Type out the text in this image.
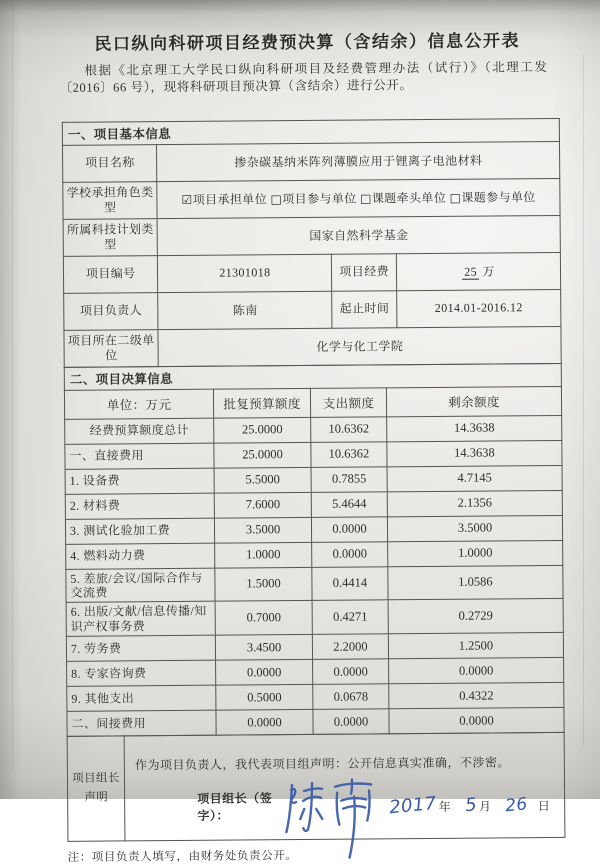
民口纵向科研项目经费预决算（含结余）信息公开表

根据《北京理工大学民口纵向科研项目及经费管理办法（试行）》（北理工发〔2016〕66 号），现将科研项目预决算（含结余）进行公开。

一、项目基本信息			
项目名称	掺杂碳基纳米阵列薄膜应用于锂离子电池材料		
学校承担角色类型	☑项目承担单位 □项目参与单位 □课题牵头单位 □课题参与单位		
所属科技计划类型	国家自然科学基金		
项目编号	21301018	项目经费	25 万
项目负责人	陈南	起止时间	2014.01-2016.12
项目所在二级单位	化学与化工学院		
二、项目决算信息			
单位：万元	批复预算额度	支出额度	剩余额度
经费预算额度总计	25.0000	10.6362	14.3638
一、直接费用	25.0000	10.6362	14.3638
1. 设备费	5.5000	0.7855	4.7145
2. 材料费	7.6000	5.4644	2.1356
3. 测试化验加工费	3.5000	0.0000	3.5000
4. 燃料动力费	1.0000	0.0000	1.0000
5. 差旅/会议/国际合作与交流费	1.5000	0.4414	1.0586
6. 出版/文献/信息传播/知识产权事务费	0.7000	0.4271	0.2729
7. 劳务费	3.4500	2.2000	1.2500
8. 专家咨询费	0.0000	0.0000	0.0000
9. 其他支出	0.5000	0.0678	0.4322
二、间接费用	0.0000	0.0000	0.0000
项目组长声明	

作为项目负责人，我代表项目组声明：公开信息真实准确，不涉密。

项目组长（签字）：	2017年 5月 26 日

注：项目负责人填写，由财务处负责公开。
